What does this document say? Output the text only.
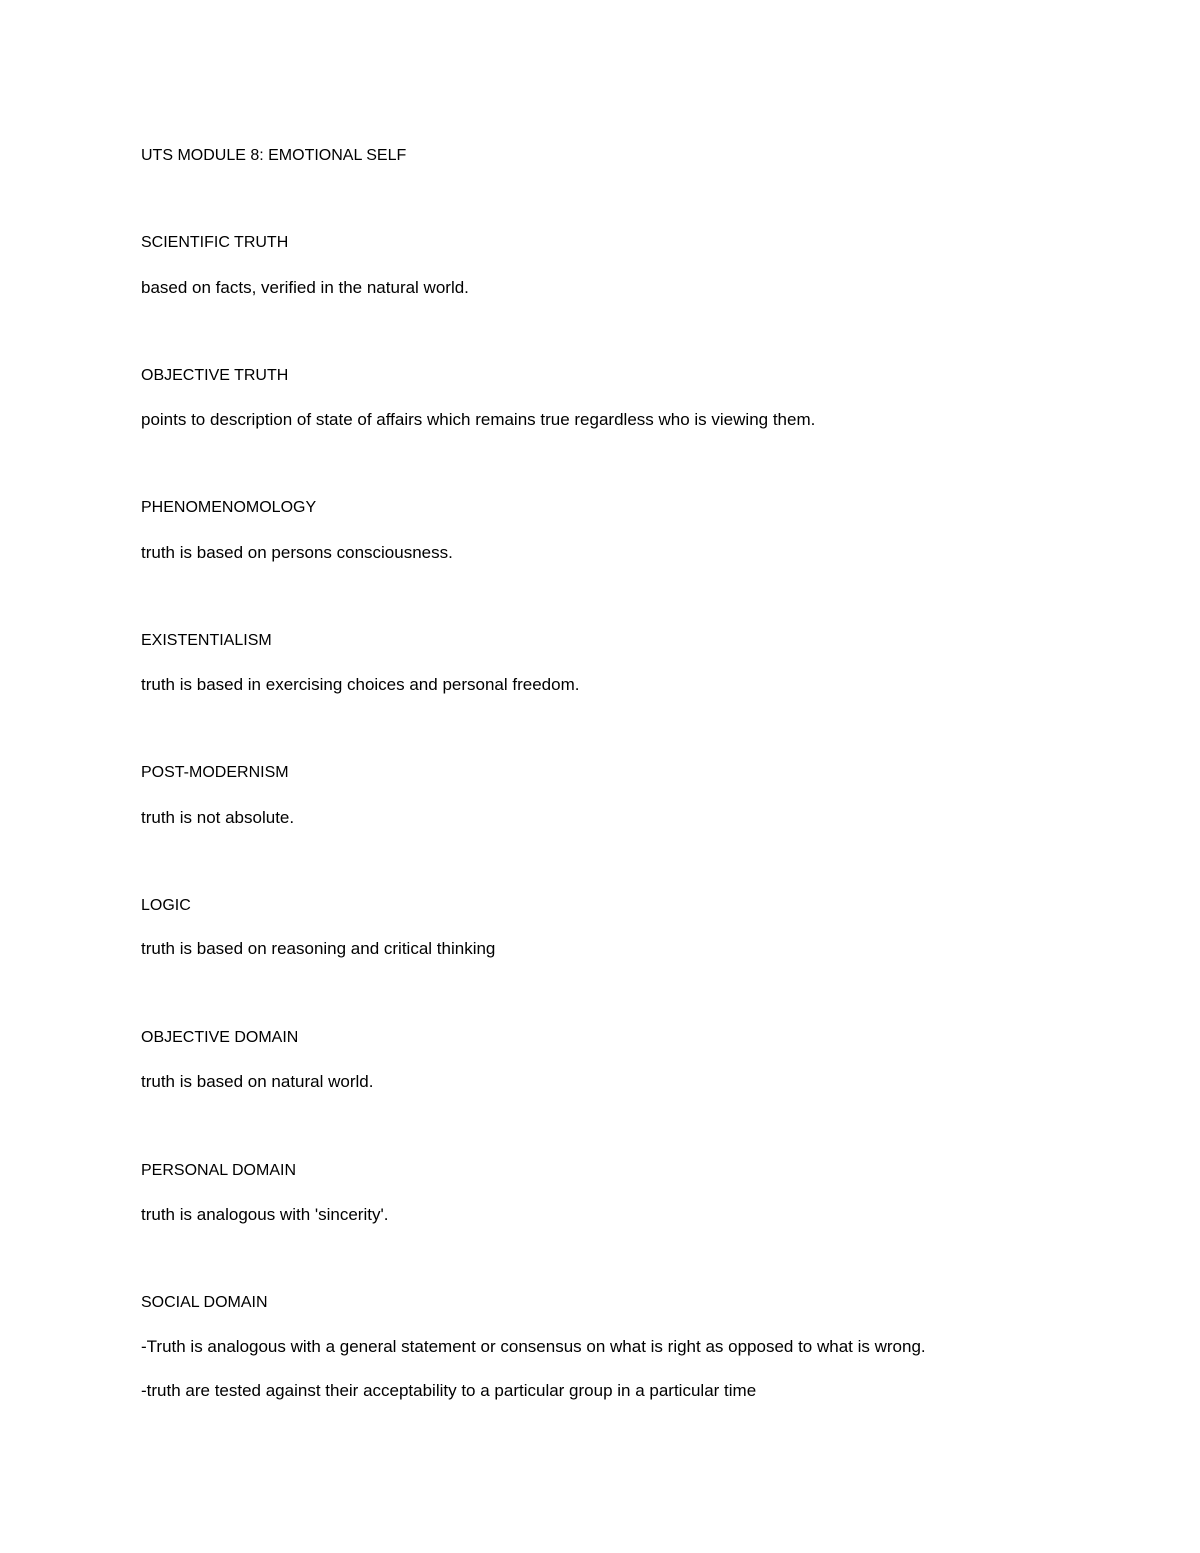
UTS MODULE 8: EMOTIONAL SELF

SCIENTIFIC TRUTH

based on facts, verified in the natural world.

OBJECTIVE TRUTH

points to description of state of affairs which remains true regardless who is viewing them.

PHENOMENOMOLOGY

truth is based on persons consciousness.

EXISTENTIALISM

truth is based in exercising choices and personal freedom.

POST-MODERNISM

truth is not absolute.

LOGIC

truth is based on reasoning and critical thinking

OBJECTIVE DOMAIN

truth is based on natural world.

PERSONAL DOMAIN

truth is analogous with 'sincerity'.

SOCIAL DOMAIN

-Truth is analogous with a general statement or consensus on what is right as opposed to what is wrong.

-truth are tested against their acceptability to a particular group in a particular time
